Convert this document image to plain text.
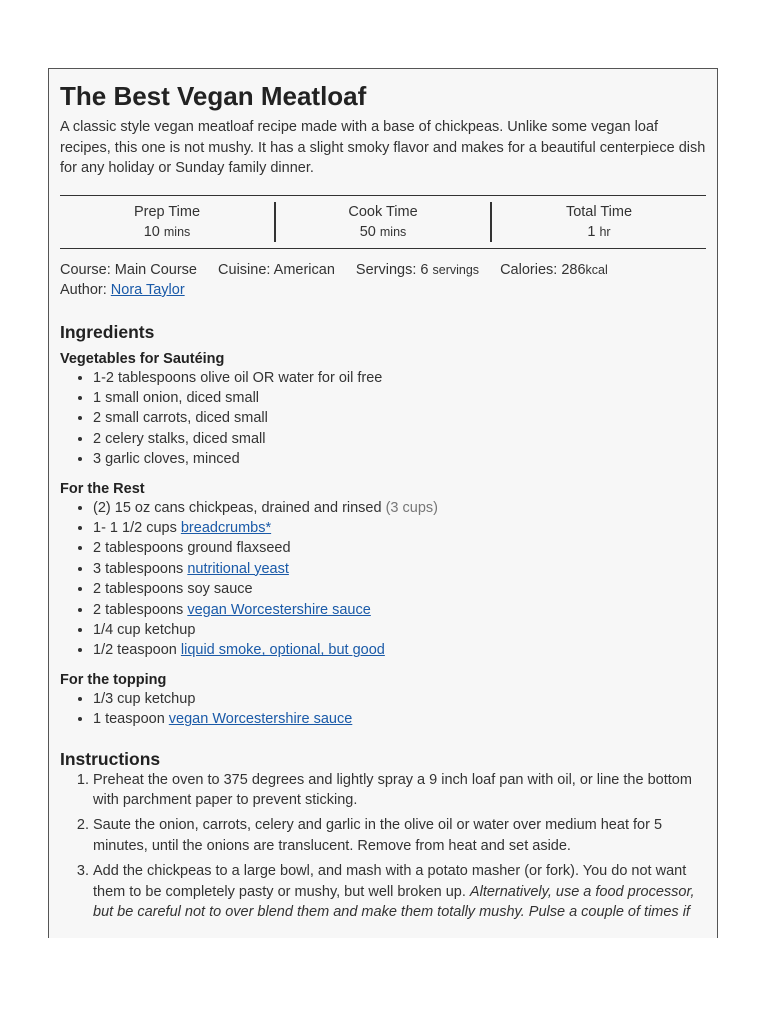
The Best Vegan Meatloaf

A classic style vegan meatloaf recipe made with a base of chickpeas. Unlike some vegan loaf recipes, this one is not mushy. It has a slight smoky flavor and makes for a beautiful centerpiece dish for any holiday or Sunday family dinner.

Prep Time
10 mins
Cook Time
50 mins
Total Time
1 hr
Course: Main Course Cuisine: American Servings: 6 servings Calories: 286kcal
Author: Nora Taylor
Ingredients
Vegetables for Sautéing
• 1-2 tablespoons olive oil OR water for oil free
• 1 small onion, diced small
• 2 small carrots, diced small
• 2 celery stalks, diced small
• 3 garlic cloves, minced
For the Rest
• (2) 15 oz cans chickpeas, drained and rinsed (3 cups)
• 1- 1 1/2 cups breadcrumbs*
• 2 tablespoons ground flaxseed
• 3 tablespoons nutritional yeast
• 2 tablespoons soy sauce
• 2 tablespoons vegan Worcestershire sauce
• 1/4 cup ketchup
• 1/2 teaspoon liquid smoke, optional, but good
For the topping
• 1/3 cup ketchup
• 1 teaspoon vegan Worcestershire sauce
Instructions
1. Preheat the oven to 375 degrees and lightly spray a 9 inch loaf pan with oil, or line the bottom with parchment paper to prevent sticking.
2. Saute the onion, carrots, celery and garlic in the olive oil or water over medium heat for 5 minutes, until the onions are translucent. Remove from heat and set aside.
3. Add the chickpeas to a large bowl, and mash with a potato masher (or fork). You do not want them to be completely pasty or mushy, but well broken up. Alternatively, use a food processor, but be careful not to over blend them and make them totally mushy. Pulse a couple of times if
